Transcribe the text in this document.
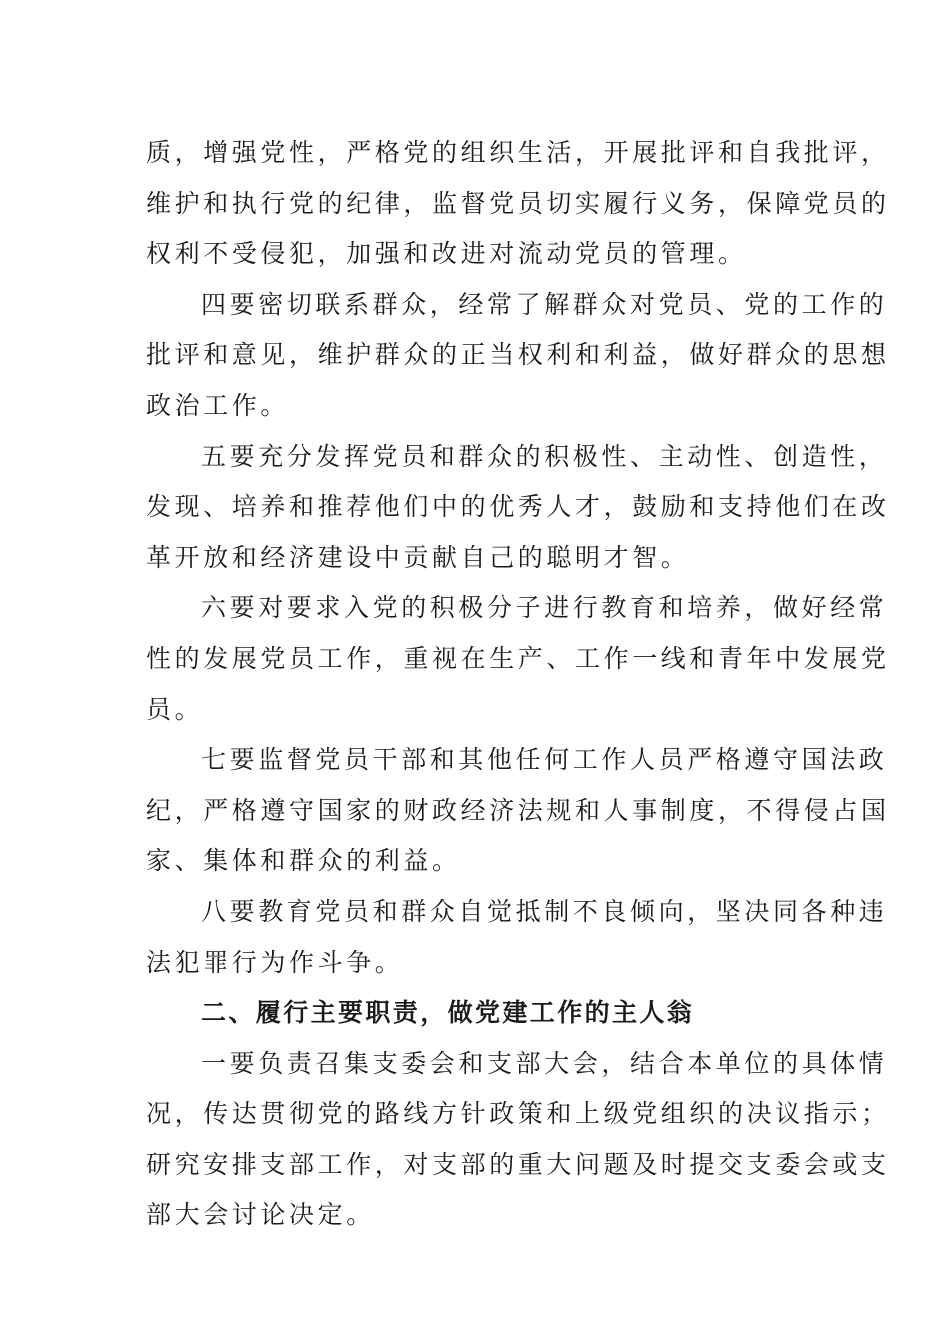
质，增强党性，严格党的组织生活，开展批评和自我批评，
维护和执行党的纪律，监督党员切实履行义务，保障党员的
权利不受侵犯，加强和改进对流动党员的管理。
四要密切联系群众，经常了解群众对党员、党的工作的
批评和意见，维护群众的正当权利和利益，做好群众的思想
政治工作。
五要充分发挥党员和群众的积极性、主动性、创造性，
发现、培养和推荐他们中的优秀人才，鼓励和支持他们在改
革开放和经济建设中贡献自己的聪明才智。
六要对要求入党的积极分子进行教育和培养，做好经常
性的发展党员工作，重视在生产、工作一线和青年中发展党
员。
七要监督党员干部和其他任何工作人员严格遵守国法政
纪，严格遵守国家的财政经济法规和人事制度，不得侵占国
家、集体和群众的利益。
八要教育党员和群众自觉抵制不良倾向，坚决同各种违
法犯罪行为作斗争。
二、履行主要职责，做党建工作的主人翁
一要负责召集支委会和支部大会，结合本单位的具体情
况，传达贯彻党的路线方针政策和上级党组织的决议指示；
研究安排支部工作，对支部的重大问题及时提交支委会或支
部大会讨论决定。
